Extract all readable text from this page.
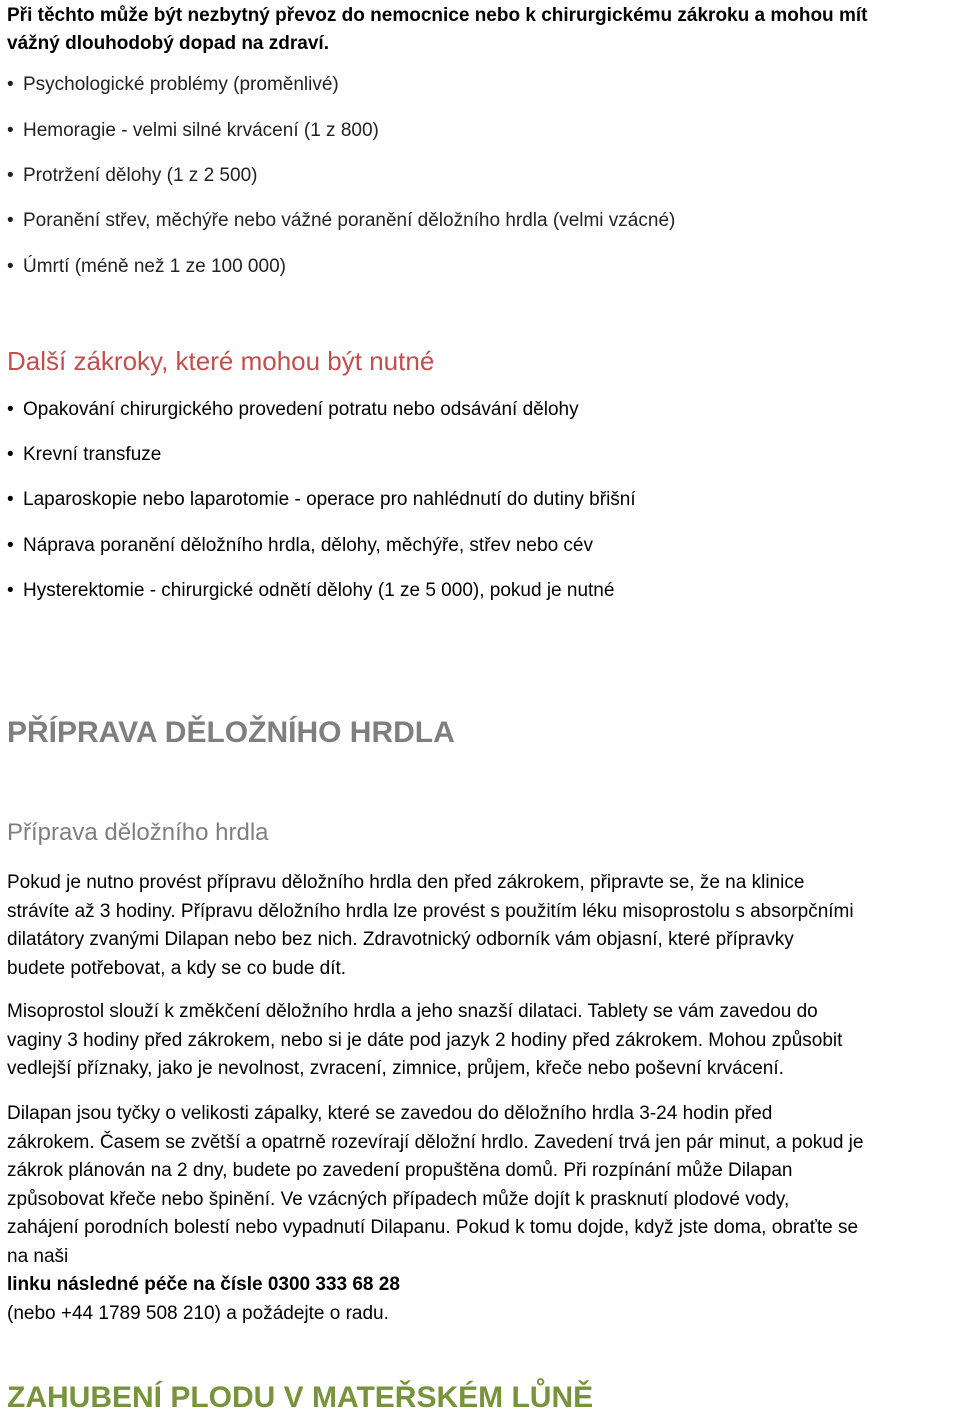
Při těchto může být nezbytný převoz do nemocnice nebo k chirurgickému zákroku a mohou mít
vážný dlouhodobý dopad na zdraví.
• Psychologické problémy (proměnlivé)
• Hemoragie - velmi silné krvácení (1 z 800)
• Protržení dělohy (1 z 2 500)
• Poranění střev, měchýře nebo vážné poranění děložního hrdla (velmi vzácné)
• Úmrtí (méně než 1 ze 100 000)
Další zákroky, které mohou být nutné
• Opakování chirurgického provedení potratu nebo odsávání dělohy
• Krevní transfuze
• Laparoskopie nebo laparotomie - operace pro nahlédnutí do dutiny břišní
• Náprava poranění děložního hrdla, dělohy, měchýře, střev nebo cév
• Hysterektomie - chirurgické odnětí dělohy (1 ze 5 000), pokud je nutné
PŘÍPRAVA DĚLOŽNÍHO HRDLA
Příprava děložního hrdla
Pokud je nutno provést přípravu děložního hrdla den před zákrokem, připravte se, že na klinice
strávíte až 3 hodiny. Přípravu děložního hrdla lze provést s použitím léku misoprostolu s absorpčními
dilatátory zvanými Dilapan nebo bez nich. Zdravotnický odborník vám objasní, které přípravky
budete potřebovat, a kdy se co bude dít.
Misoprostol slouží k změkčení děložního hrdla a jeho snazší dilataci. Tablety se vám zavedou do
vaginy 3 hodiny před zákrokem, nebo si je dáte pod jazyk 2 hodiny před zákrokem. Mohou způsobit
vedlejší příznaky, jako je nevolnost, zvracení, zimnice, průjem, křeče nebo poševní krvácení.
Dilapan jsou tyčky o velikosti zápalky, které se zavedou do děložního hrdla 3-24 hodin před
zákrokem. Časem se zvětší a opatrně rozevírají děložní hrdlo. Zavedení trvá jen pár minut, a pokud je
zákrok plánován na 2 dny, budete po zavedení propuštěna domů. Při rozpínání může Dilapan
způsobovat křeče nebo špinění. Ve vzácných případech může dojít k prasknutí plodové vody,
zahájení porodních bolestí nebo vypadnutí Dilapanu. Pokud k tomu dojde, když jste doma, obraťte se
na naši
linku následné péče na čísle 0300 333 68 28
(nebo +44 1789 508 210) a požádejte o radu.
ZAHUBENÍ PLODU V MATEŘSKÉM LŮNĚ
